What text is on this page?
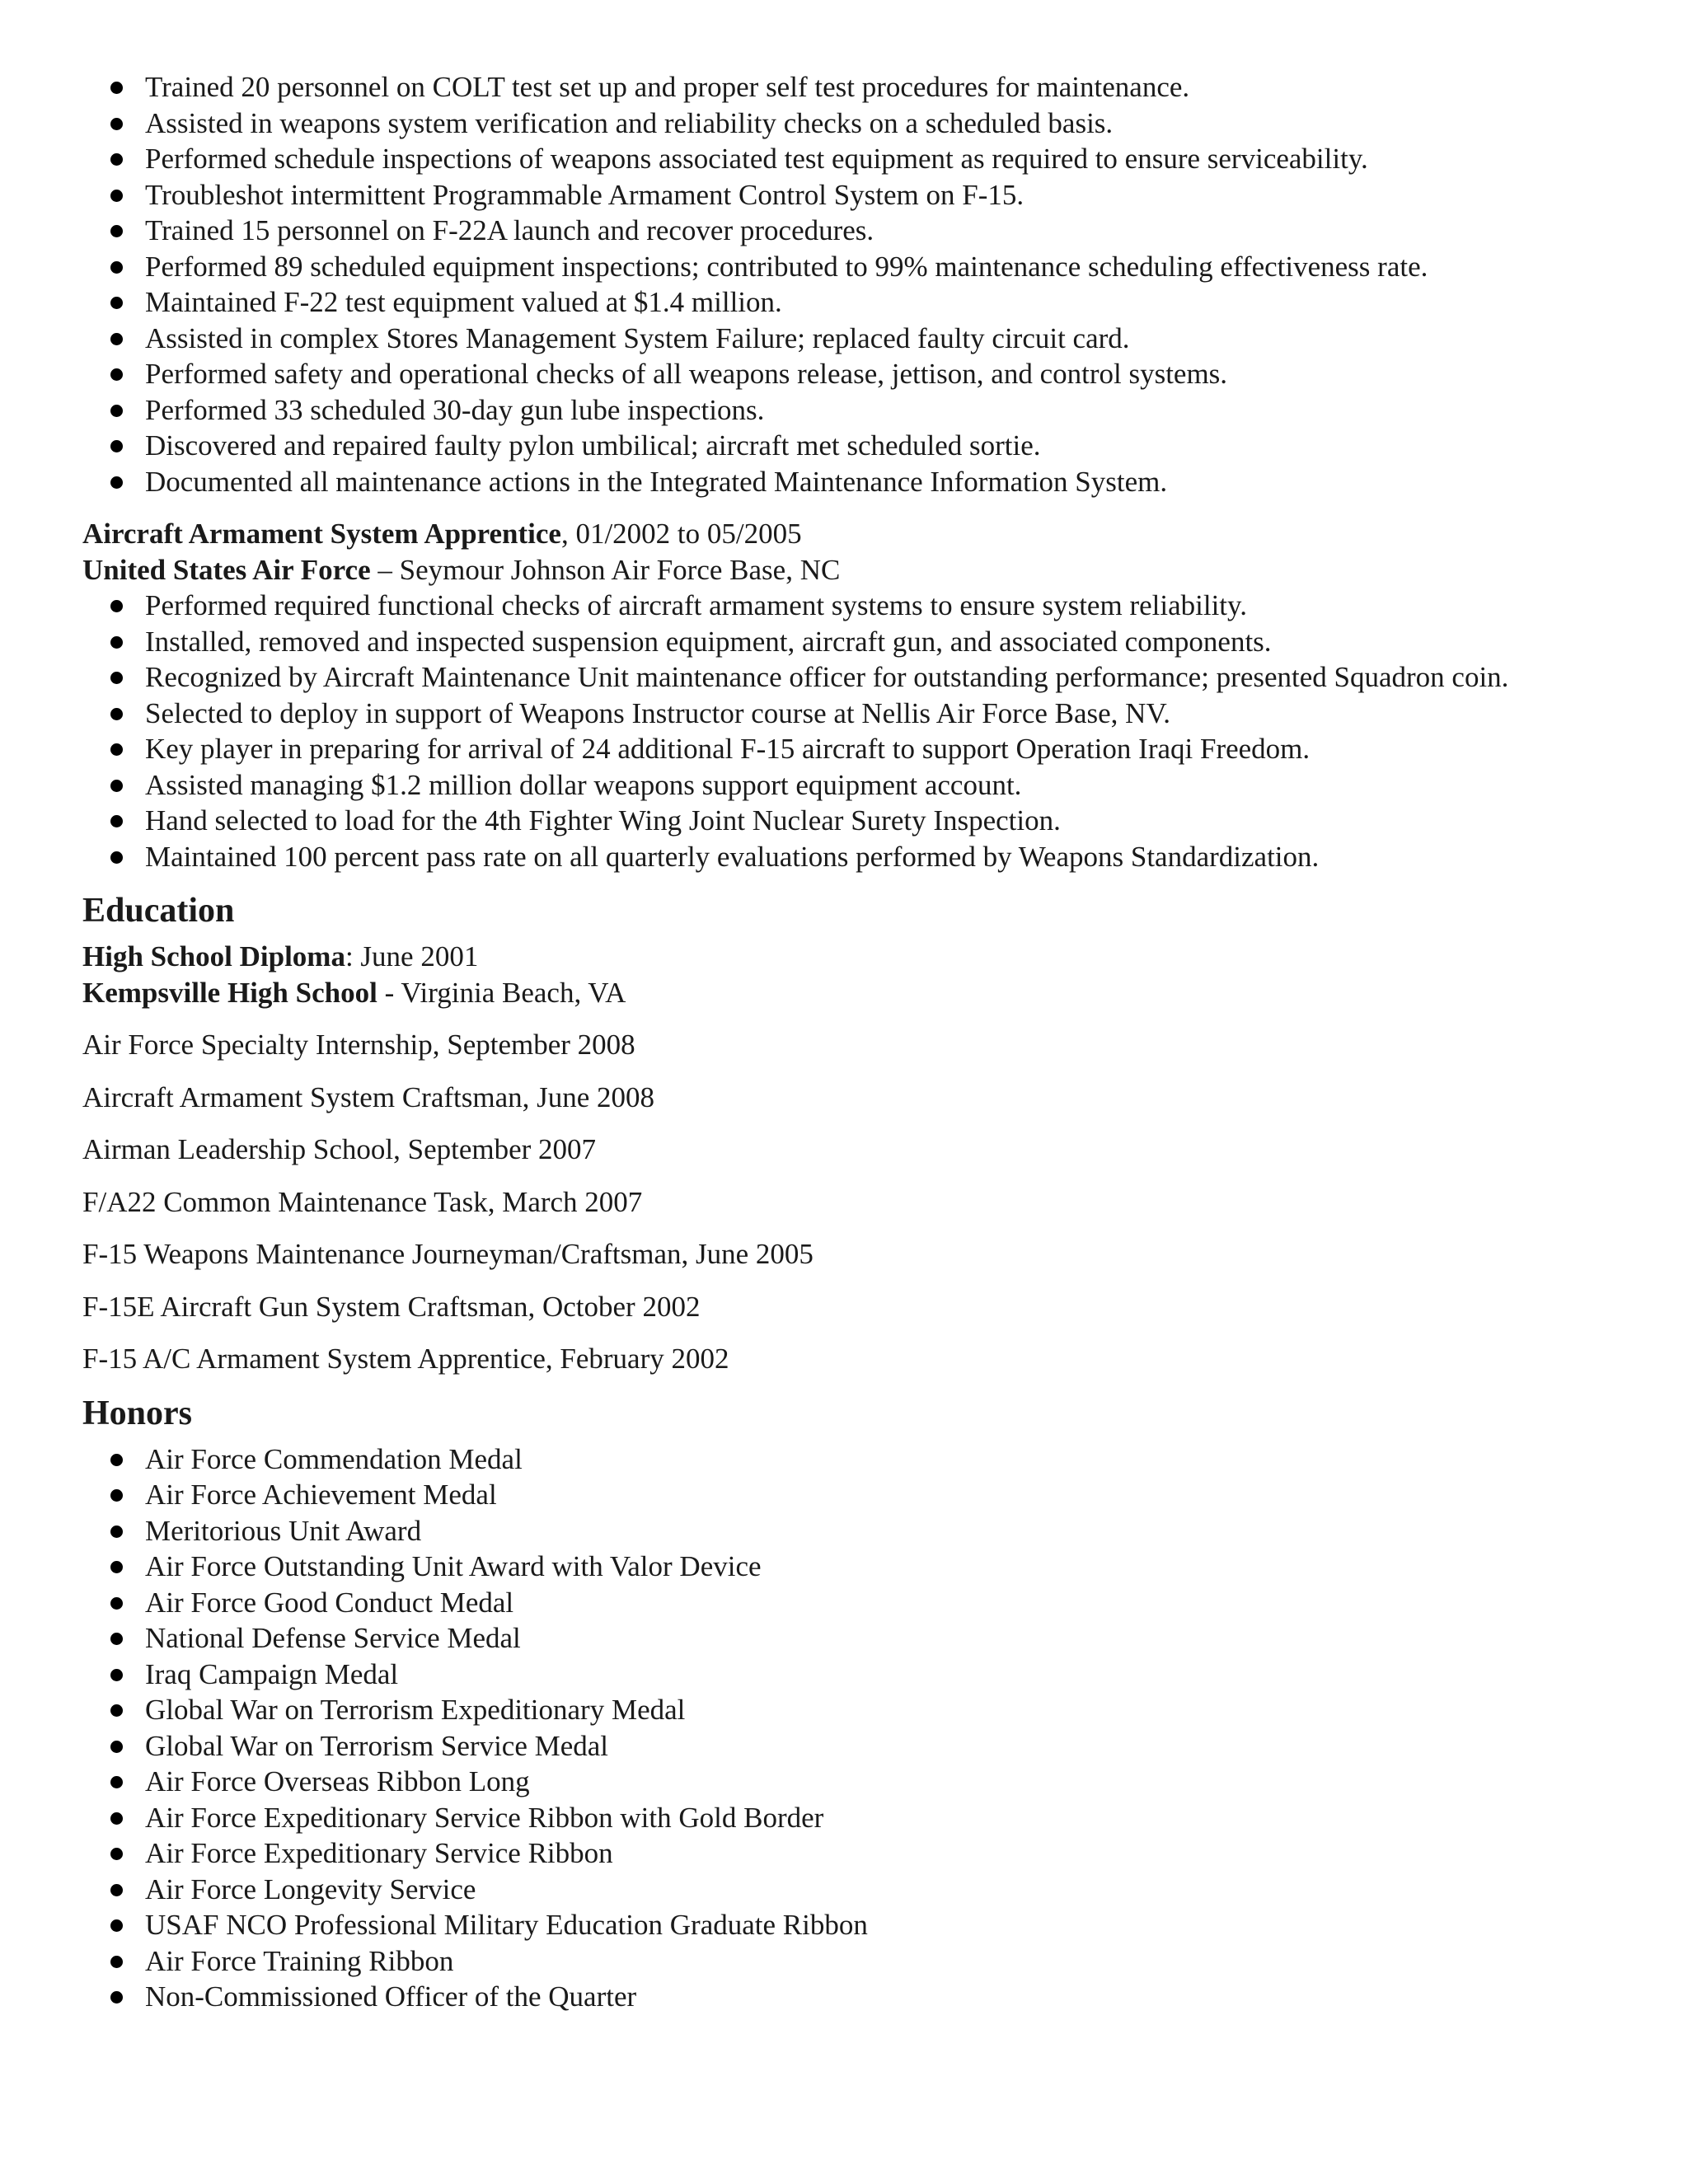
Trained 20 personnel on COLT test set up and proper self test procedures for maintenance.
Assisted in weapons system verification and reliability checks on a scheduled basis.
Performed schedule inspections of weapons associated test equipment as required to ensure serviceability.
Troubleshot intermittent Programmable Armament Control System on F-15.
Trained 15 personnel on F-22A launch and recover procedures.
Performed 89 scheduled equipment inspections; contributed to 99% maintenance scheduling effectiveness rate.
Maintained F-22 test equipment valued at $1.4 million.
Assisted in complex Stores Management System Failure; replaced faulty circuit card.
Performed safety and operational checks of all weapons release, jettison, and control systems.
Performed 33 scheduled 30-day gun lube inspections.
Discovered and repaired faulty pylon umbilical; aircraft met scheduled sortie.
Documented all maintenance actions in the Integrated Maintenance Information System.
Aircraft Armament System Apprentice, 01/2002 to 05/2005
United States Air Force – Seymour Johnson Air Force Base, NC
Performed required functional checks of aircraft armament systems to ensure system reliability.
Installed, removed and inspected suspension equipment, aircraft gun, and associated components.
Recognized by Aircraft Maintenance Unit maintenance officer for outstanding performance; presented Squadron coin.
Selected to deploy in support of Weapons Instructor course at Nellis Air Force Base, NV.
Key player in preparing for arrival of 24 additional F-15 aircraft to support Operation Iraqi Freedom.
Assisted managing $1.2 million dollar weapons support equipment account.
Hand selected to load for the 4th Fighter Wing Joint Nuclear Surety Inspection.
Maintained 100 percent pass rate on all quarterly evaluations performed by Weapons Standardization.
Education
High School Diploma: June 2001
Kempsville High School - Virginia Beach, VA
Air Force Specialty Internship, September 2008
Aircraft Armament System Craftsman, June 2008
Airman Leadership School, September 2007
F/A22 Common Maintenance Task, March 2007
F-15 Weapons Maintenance Journeyman/Craftsman, June 2005
F-15E Aircraft Gun System Craftsman, October 2002
F-15 A/C Armament System Apprentice, February 2002
Honors
Air Force Commendation Medal
Air Force Achievement Medal
Meritorious Unit Award
Air Force Outstanding Unit Award with Valor Device
Air Force Good Conduct Medal
National Defense Service Medal
Iraq Campaign Medal
Global War on Terrorism Expeditionary Medal
Global War on Terrorism Service Medal
Air Force Overseas Ribbon Long
Air Force Expeditionary Service Ribbon with Gold Border
Air Force Expeditionary Service Ribbon
Air Force Longevity Service
USAF NCO Professional Military Education Graduate Ribbon
Air Force Training Ribbon
Non-Commissioned Officer of the Quarter
